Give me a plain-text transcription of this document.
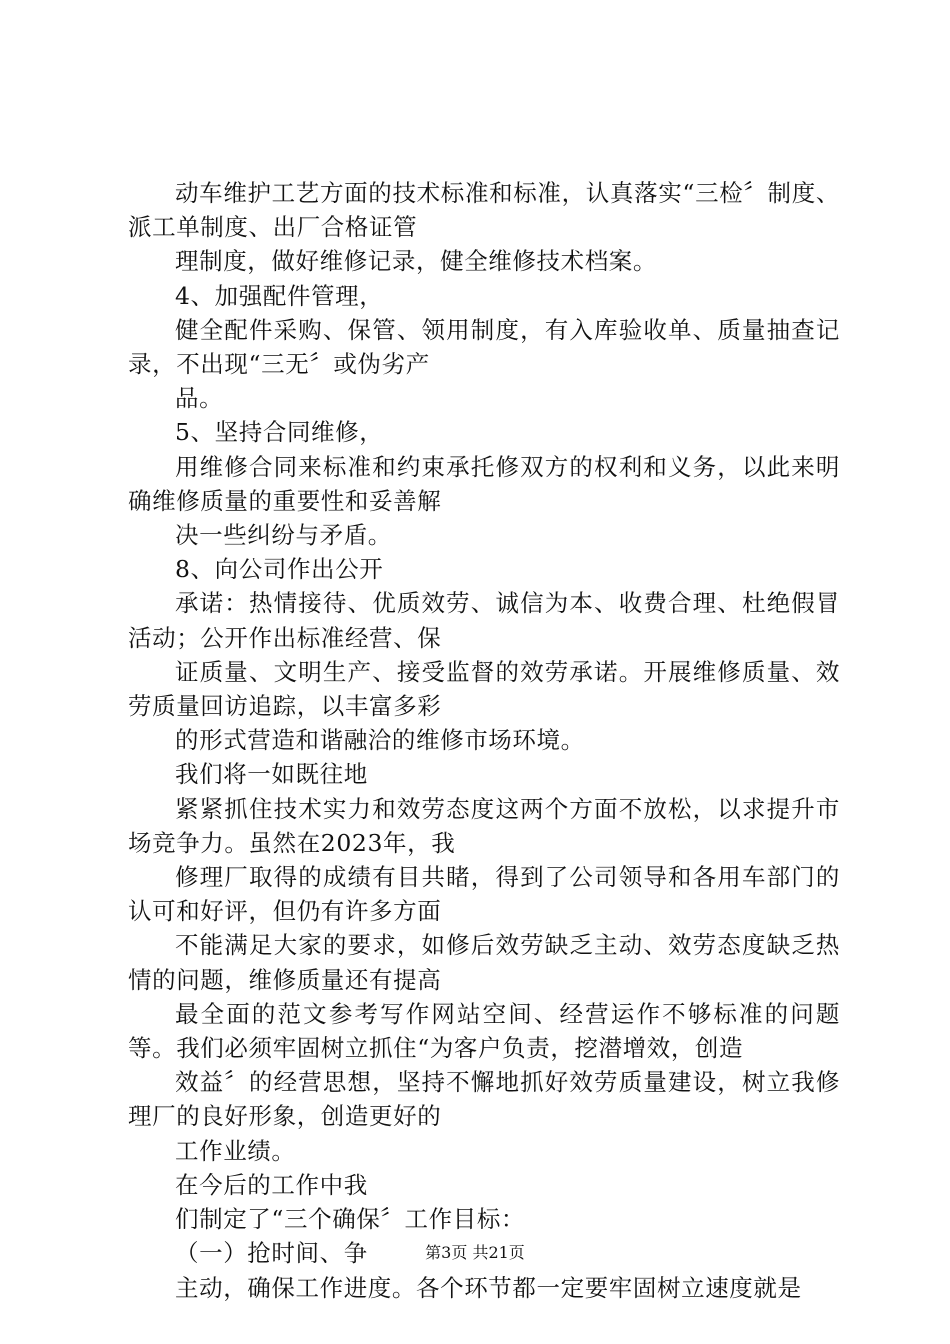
动车维护工艺方面的技术标准和标准，认真落实“三检〞制度、派工单制度、出厂合格证管

理制度，做好维修记录，健全维修技术档案。

4、加强配件管理，

健全配件采购、保管、领用制度，有入库验收单、质量抽查记录，不出现“三无〞或伪劣产

品。

5、坚持合同维修，

用维修合同来标准和约束承托修双方的权利和义务，以此来明确维修质量的重要性和妥善解

决一些纠纷与矛盾。

8、向公司作出公开

承诺：热情接待、优质效劳、诚信为本、收费合理、杜绝假冒活动；公开作出标准经营、保

证质量、文明生产、接受监督的效劳承诺。开展维修质量、效劳质量回访追踪，以丰富多彩

的形式营造和谐融洽的维修市场环境。

我们将一如既往地

紧紧抓住技术实力和效劳态度这两个方面不放松，以求提升市场竞争力。虽然在2023年，我

修理厂取得的成绩有目共睹，得到了公司领导和各用车部门的认可和好评，但仍有许多方面

不能满足大家的要求，如修后效劳缺乏主动、效劳态度缺乏热情的问题，维修质量还有提高

最全面的范文参考写作网站空间、经营运作不够标准的问题等。我们必须牢固树立抓住“为客户负责，挖潜增效，创造

效益〞的经营思想，坚持不懈地抓好效劳质量建设，树立我修理厂的良好形象，创造更好的

工作业绩。

在今后的工作中我

们制定了“三个确保〞工作目标：

（一）抢时间、争

主动，确保工作进度。各个环节都一定要牢固树立速度就是

第3页 共21页
